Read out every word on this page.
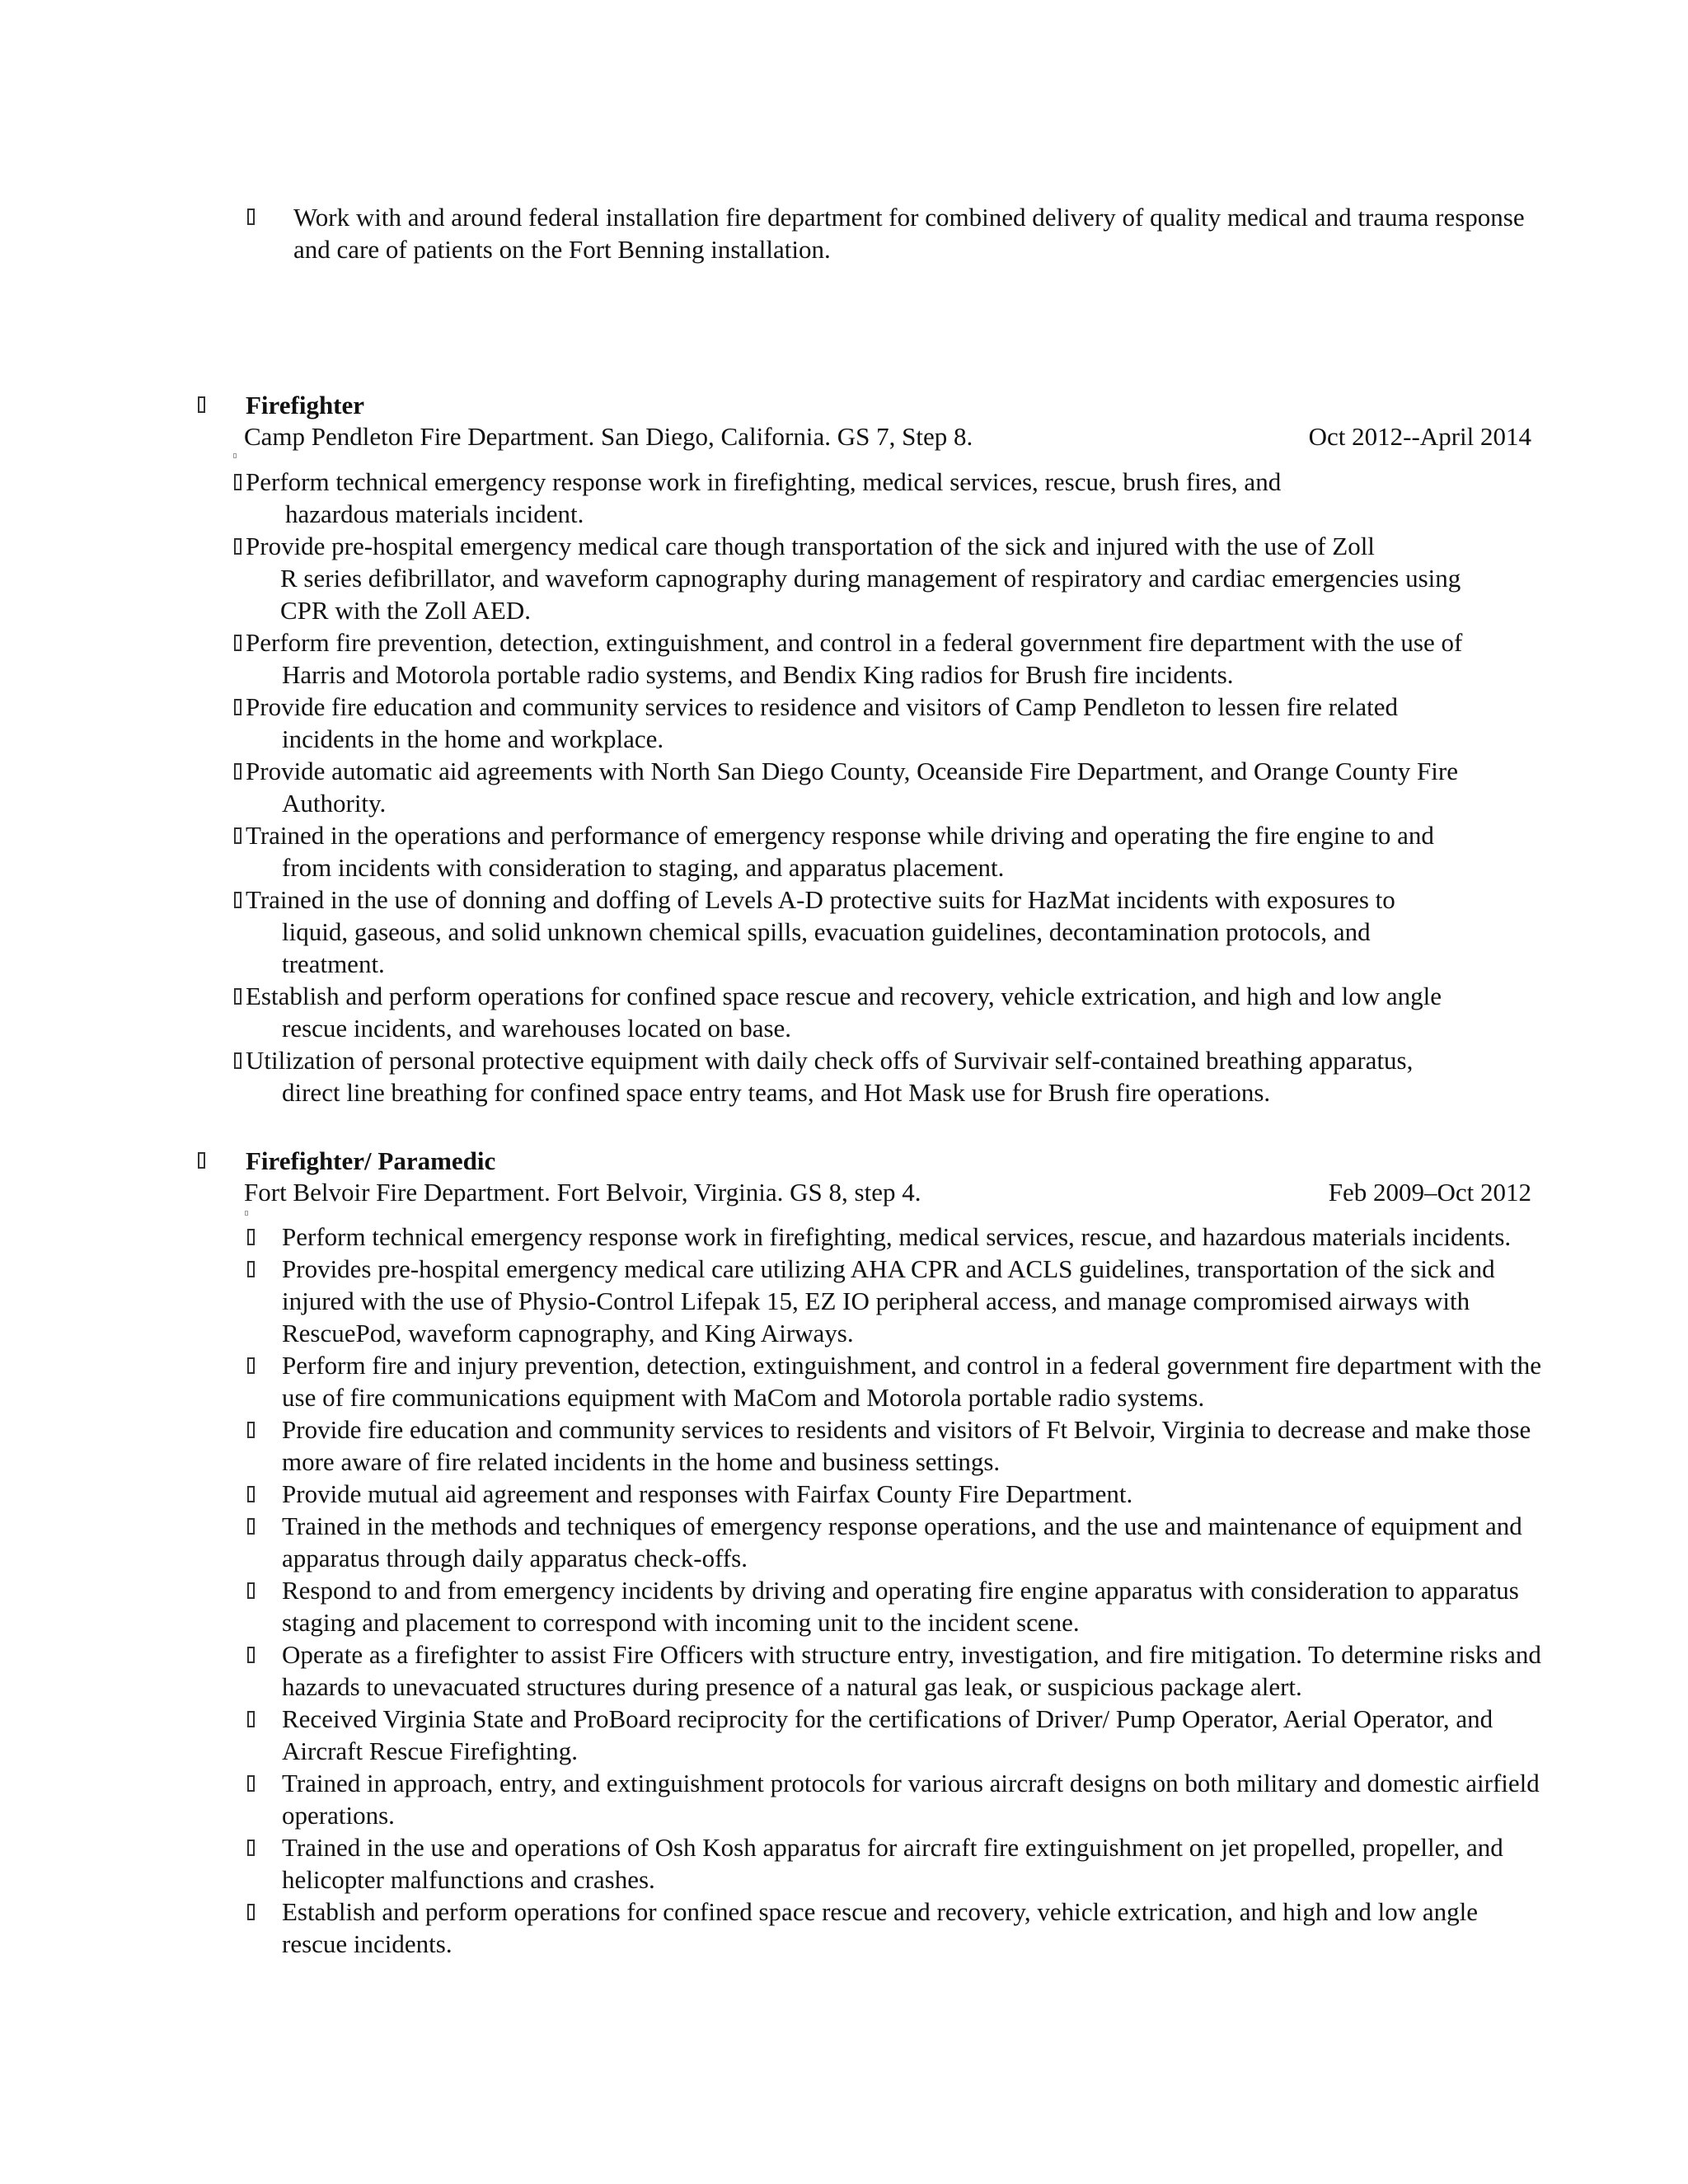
Work with and around federal installation fire department for combined delivery of quality medical and trauma response and care of patients on the Fort Benning installation.
Firefighter
Camp Pendleton Fire Department. San Diego, California. GS 7, Step 8.	Oct 2012--April 2014
Perform technical emergency response work in firefighting, medical services, rescue, brush fires, and
hazardous materials incident.
Provide pre-hospital emergency medical care though transportation of the sick and injured with the use of Zoll
R series defibrillator, and waveform capnography during management of respiratory and cardiac emergencies using
CPR with the Zoll AED.
Perform fire prevention, detection, extinguishment, and control in a federal government fire department with the use of
Harris and Motorola portable radio systems, and Bendix King radios for Brush fire incidents.
Provide fire education and community services to residence and visitors of Camp Pendleton to lessen fire related
incidents in the home and workplace.
Provide automatic aid agreements with North San Diego County, Oceanside Fire Department, and Orange County Fire
Authority.
Trained in the operations and performance of emergency response while driving and operating the fire engine to and
from incidents with consideration to staging, and apparatus placement.
Trained in the use of donning and doffing of Levels A-D protective suits for HazMat incidents with exposures to
liquid, gaseous, and solid unknown chemical spills, evacuation guidelines, decontamination protocols, and
treatment.
Establish and perform operations for confined space rescue and recovery, vehicle extrication, and high and low angle
rescue incidents, and warehouses located on base.
Utilization of personal protective equipment with daily check offs of Survivair self-contained breathing apparatus,
direct line breathing for confined space entry teams, and Hot Mask use for Brush fire operations.
Firefighter/ Paramedic
Fort Belvoir Fire Department. Fort Belvoir, Virginia. GS 8, step 4.	Feb 2009–Oct 2012
Perform technical emergency response work in firefighting, medical services, rescue, and hazardous materials incidents.
Provides pre-hospital emergency medical care utilizing AHA CPR and ACLS guidelines, transportation of the sick and injured with the use of Physio-Control Lifepak 15, EZ IO peripheral access, and manage compromised airways with RescuePod, waveform capnography, and King Airways.
Perform fire and injury prevention, detection, extinguishment, and control in a federal government fire department with the use of fire communications equipment with MaCom and Motorola portable radio systems.
Provide fire education and community services to residents and visitors of Ft Belvoir, Virginia to decrease and make those more aware of fire related incidents in the home and business settings.
Provide mutual aid agreement and responses with Fairfax County Fire Department.
Trained in the methods and techniques of emergency response operations, and the use and maintenance of equipment and apparatus through daily apparatus check-offs.
Respond to and from emergency incidents by driving and operating fire engine apparatus with consideration to apparatus staging and placement to correspond with incoming unit to the incident scene.
Operate as a firefighter to assist Fire Officers with structure entry, investigation, and fire mitigation. To determine risks and hazards to unevacuated structures during presence of a natural gas leak, or suspicious package alert.
Received Virginia State and ProBoard reciprocity for the certifications of Driver/ Pump Operator, Aerial Operator, and Aircraft Rescue Firefighting.
Trained in approach, entry, and extinguishment protocols for various aircraft designs on both military and domestic airfield operations.
Trained in the use and operations of Osh Kosh apparatus for aircraft fire extinguishment on jet propelled, propeller, and helicopter malfunctions and crashes.
Establish and perform operations for confined space rescue and recovery, vehicle extrication, and high and low angle rescue incidents.
